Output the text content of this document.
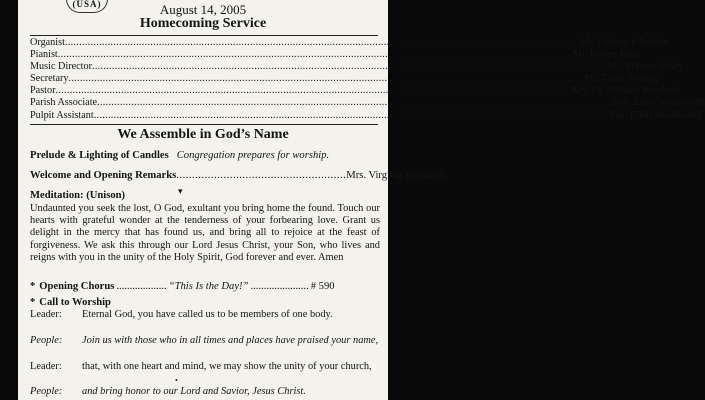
(USA)	August 14, 2005
Homecoming Service
Organist .....	Mr. Frederick Bolden
Pianist .....	Mr. Robert Hale
Music Director .....	Ms. Maxine Wiley
Secretary .....	Mr. Thom Witting
Pastor .....	Rev. Dr. William Reinhold
Parish Associate .....	Rev. Ellen Woodworth
Pulpit Assistant .....	Rev. Ellen Woodworth
We Assemble in God’s Name
Prelude & Lighting of Candles Congregation prepares for worship.
Welcome and Opening Remarks ...................................................... Mrs. Virginia Reinhold
Meditation: (Unison)	▾
Undaunted you seek the lost, O God, exultant you bring home the found. Touch our hearts with grateful wonder at the tenderness of your forbearing love. Grant us delight in the mercy that has found us, and bring all to rejoice at the feast of forgiveness. We ask this through our Lord Jesus Christ, your Son, who lives and reigns with you in the unity of the Holy Spirit, God forever and ever. Amen
* Opening Chorus .....	“This Is the Day!” .....	# 590
* Call to Worship
Leader:	Eternal God, you have called us to be members of one body.
People:	Join us with those who in all times and places have praised your name,
Leader:	that, with one heart and mind, we may show the unity of your church,
•
People:	and bring honor to our Lord and Savior, Jesus Christ.
